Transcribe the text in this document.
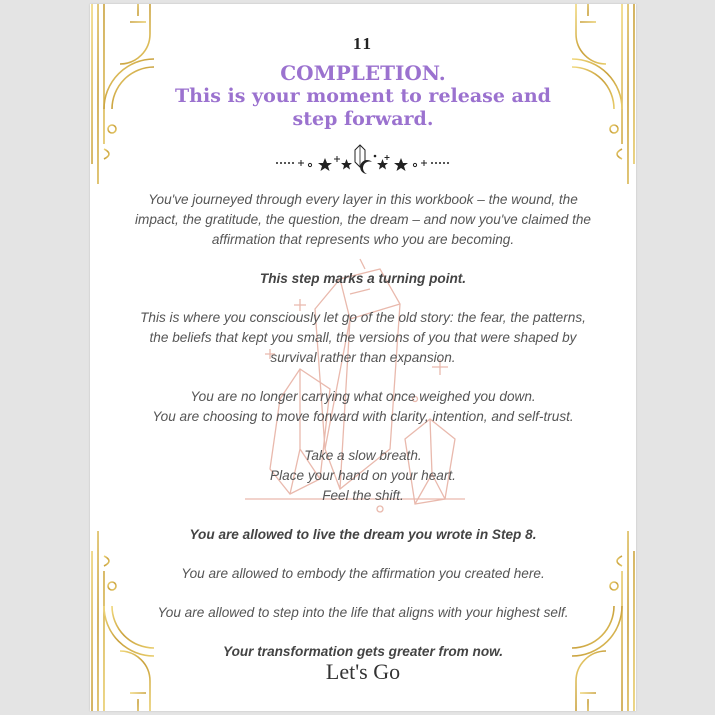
11
COMPLETION.
This is your moment to release and step forward.

You've journeyed through every layer in this workbook – the wound, the impact, the gratitude, the question, the dream – and now you've claimed the affirmation that represents who you are becoming.

This step marks a turning point.

This is where you consciously let go of the old story: the fear, the patterns, the beliefs that kept you small, the versions of you that were shaped by survival rather than expansion.

You are no longer carrying what once weighed you down.
You are choosing to move forward with clarity, intention, and self-trust.

Take a slow breath.
Place your hand on your heart.
Feel the shift.

You are allowed to live the dream you wrote in Step 8.

You are allowed to embody the affirmation you created here.

You are allowed to step into the life that aligns with your highest self.

Your transformation gets greater from now.

Let's Go
